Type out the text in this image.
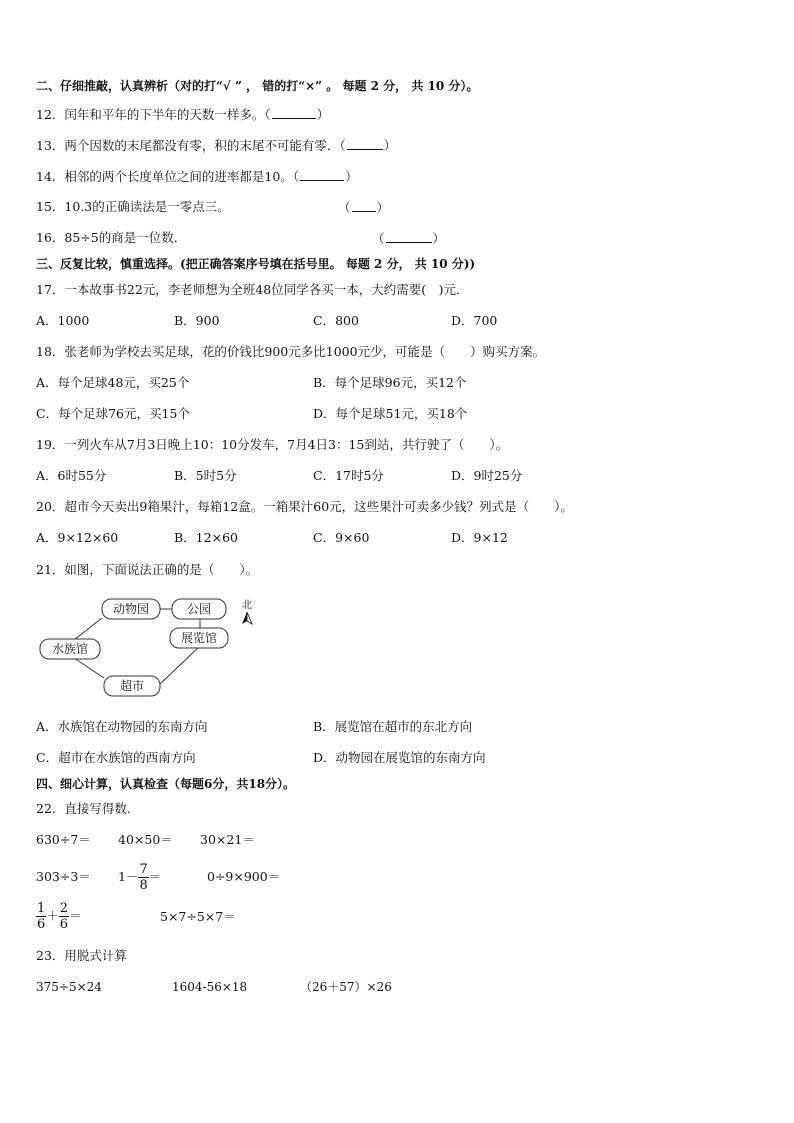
二、仔细推敲，认真辨析（对的打“√ ” ， 错的打“×” 。 每题 2 分， 共 10 分）。
12．闰年和平年的下半年的天数一样多。（	）
13．两个因数的末尾都没有零，积的末尾不可能有零．（	）
14．相邻的两个长度单位之间的进率都是10。（	）
15．10.3的正确读法是一零点三。	（ ）
16．85÷5的商是一位数．	（	）
三、反复比较，慎重选择。(把正确答案序号填在括号里。 每题 2 分， 共 10 分))
17．一本故事书22元，李老师想为全班48位同学各买一本，大约需要(　)元．
A．1000	B．900	C．800	D．700
18．张老师为学校去买足球，花的价钱比900元多比1000元少，可能是（　　）购买方案。
A．每个足球48元，买25个	B．每个足球96元，买12个
C．每个足球76元，买15个	D．每个足球51元，买18个
19．一列火车从7月3日晚上10：10分发车，7月4日3：15到站，共行驶了（　　）。
A．6时55分	B．5时5分	C．17时5分	D．9时25分
20．超市今天卖出9箱果汁，每箱12盒。一箱果汁60元，这些果汁可卖多少钱？列式是（　　）。
A．9×12×60	B．12×60	C．9×60	D．9×12
21．如图，下面说法正确的是（　　）。
动物园	公园
展览馆
水族馆
超市
北
A．水族馆在动物园的东南方向	B．展览馆在超市的东北方向
C．超市在水族馆的西南方向	D．动物园在展览馆的东南方向
四、细心计算，认真检查（每题6分，共18分）。
22．直接写得数.
630÷7＝ 40×50＝ 30×21＝
$303\div 3= 1- \frac{7}{8}$ ＝	0÷9×900＝
$\frac{1}{6} + \frac{2}{6}$ ＝	5×7÷5×7＝
23．用脱式计算
375÷5×24	1604-56×18	（26＋57）×26
